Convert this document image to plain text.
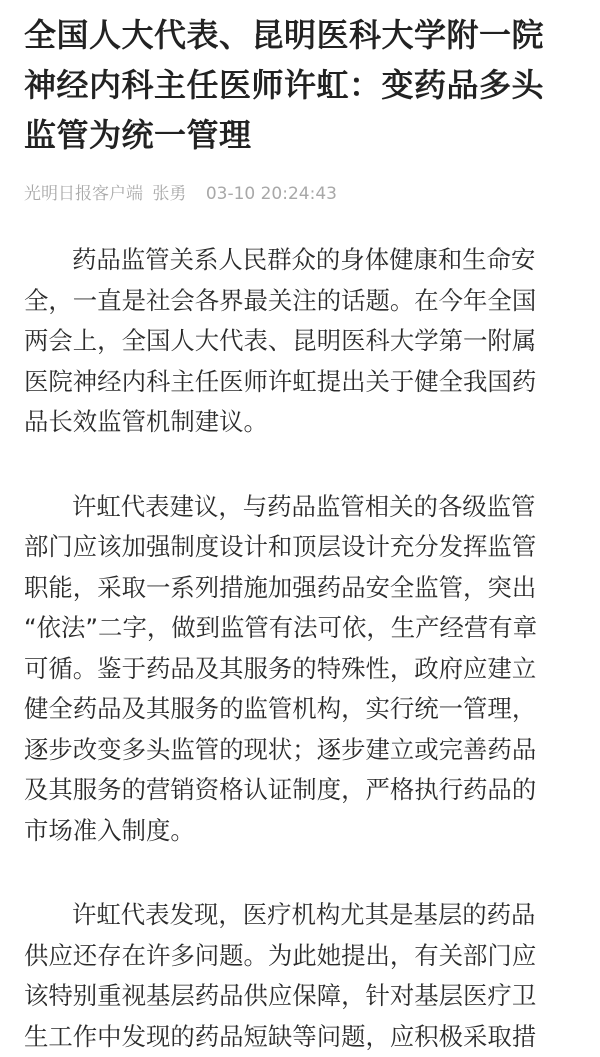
全国人大代表、昆明医科大学附一院
神经内科主任医师许虹：变药品多头
监管为统一管理
光明日报客户端 张勇 03-10 20:24:43

药品监管关系人民群众的身体健康和生命安
全，一直是社会各界最关注的话题。在今年全国
两会上，全国人大代表、昆明医科大学第一附属
医院神经内科主任医师许虹提出关于健全我国药
品长效监管机制建议。

许虹代表建议，与药品监管相关的各级监管
部门应该加强制度设计和顶层设计充分发挥监管
职能，采取一系列措施加强药品安全监管，突出
“依法”二字，做到监管有法可依，生产经营有章
可循。鉴于药品及其服务的特殊性，政府应建立
健全药品及其服务的监管机构，实行统一管理，
逐步改变多头监管的现状；逐步建立或完善药品
及其服务的营销资格认证制度，严格执行药品的
市场准入制度。

许虹代表发现，医疗机构尤其是基层的药品
供应还存在许多问题。为此她提出，有关部门应
该特别重视基层药品供应保障，针对基层医疗卫
生工作中发现的药品短缺等问题，应积极采取措
